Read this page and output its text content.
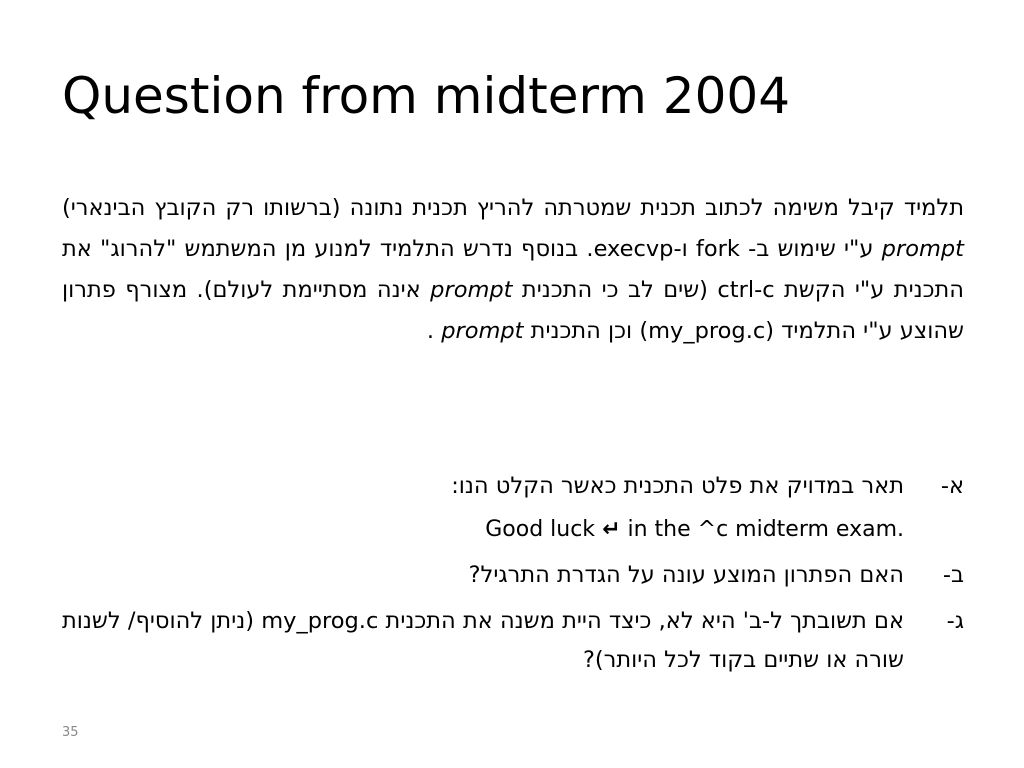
Question from midterm 2004
תלמיד קיבל משימה לכתוב תכנית שמטרתה להריץ תכנית נתונה (ברשותו רק הקובץ הבינארי) prompt ע"י שימוש ב- fork ו-execvp. בנוסף נדרש התלמיד למנוע מן המשתמש "להרוג" את התכנית ע"י הקשת ctrl-c (שים לב כי התכנית prompt אינה מסתיימת לעולם). מצורף פתרון שהוצע ע"י התלמיד (my_prog.c) וכן התכנית prompt .
א-
תאר במדויק את פלט התכנית כאשר הקלט הנו:
Good luck ↵ in the ^c midterm exam.
ב-
האם הפתרון המוצע עונה על הגדרת התרגיל?
ג-
אם תשובתך ל-ב' היא לא, כיצד היית משנה את התכנית my_prog.c (ניתן להוסיף/ לשנות שורה או שתיים בקוד לכל היותר)?
35
